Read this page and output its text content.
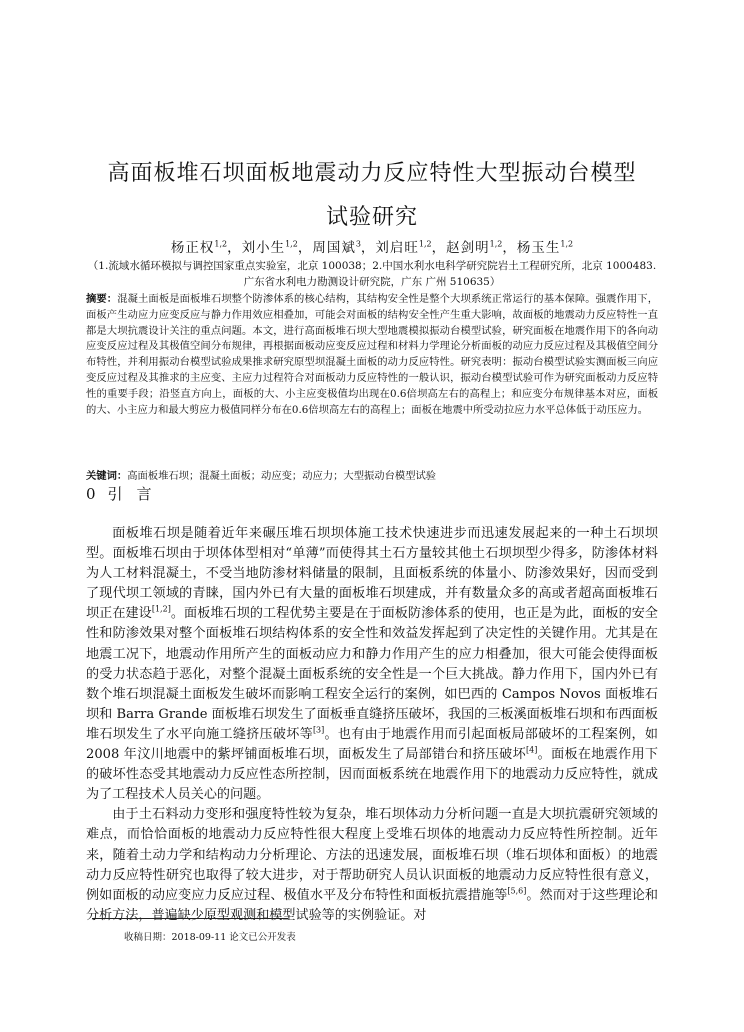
高面板堆石坝面板地震动力反应特性大型振动台模型
试验研究
杨正权$^{1,2}$，刘小生$^{1,2}$，周国斌$^3$，刘启旺$^{1,2}$，赵剑明$^{1,2}$，杨玉生$^{1,2}$
（1.流域水循环模拟与调控国家重点实验室，北京 100038；2.中国水利水电科学研究院岩土工程研究所，北京 1000483. 广东省水利电力勘测设计研究院，广东 广州 510635）
摘要：混凝土面板是面板堆石坝整个防渗体系的核心结构，其结构安全性是整个大坝系统正常运行的基本保障。强震作用下，面板产生动应力应变反应与静力作用效应相叠加，可能会对面板的结构安全性产生重大影响，故面板的地震动力反应特性一直都是大坝抗震设计关注的重点问题。本文，进行高面板堆石坝大型地震模拟振动台模型试验，研究面板在地震作用下的各向动应变反应过程及其极值空间分布规律，再根据面板动应变反应过程和材料力学理论分析面板的动应力反应过程及其极值空间分布特性，并利用振动台模型试验成果推求研究原型坝混凝土面板的动力反应特性。研究表明：振动台模型试验实测面板三向应变反应过程及其推求的主应变、主应力过程符合对面板动力反应特性的一般认识，振动台模型试验可作为研究面板动力反应特性的重要手段；沿竖直方向上，面板的大、小主应变极值均出现在0.6倍坝高左右的高程上；和应变分布规律基本对应，面板的大、小主应力和最大剪应力极值同样分布在0.6倍坝高左右的高程上；面板在地震中所受动拉应力水平总体低于动压应力。
关键词：高面板堆石坝；混凝土面板；动应变；动应力；大型振动台模型试验
0 引言

面板堆石坝是随着近年来碾压堆石坝坝体施工技术快速进步而迅速发展起来的一种土石坝坝型。面板堆石坝由于坝体体型相对“单薄”而使得其土石方量较其他土石坝坝型少得多，防渗体材料为人工材料混凝土，不受当地防渗材料储量的限制，且面板系统的体量小、防渗效果好，因而受到了现代坝工领域的青睐，国内外已有大量的面板堆石坝建成，并有数量众多的高或者超高面板堆石坝正在建设[1,2]。面板堆石坝的工程优势主要是在于面板防渗体系的使用，也正是为此，面板的安全性和防渗效果对整个面板堆石坝结构体系的安全性和效益发挥起到了决定性的关键作用。尤其是在地震工况下，地震动作用所产生的面板动应力和静力作用产生的应力相叠加，很大可能会使得面板的受力状态趋于恶化，对整个混凝土面板系统的安全性是一个巨大挑战。静力作用下，国内外已有数个堆石坝混凝土面板发生破坏而影响工程安全运行的案例，如巴西的 Campos Novos 面板堆石坝和 Barra Grande 面板堆石坝发生了面板垂直缝挤压破坏，我国的三板溪面板堆石坝和布西面板堆石坝发生了水平向施工缝挤压破坏等[3]。也有由于地震作用而引起面板局部破坏的工程案例，如 2008 年汶川地震中的紫坪铺面板堆石坝，面板发生了局部错台和挤压破坏[4]。面板在地震作用下的破坏性态受其地震动力反应性态所控制，因而面板系统在地震作用下的地震动力反应特性，就成为了工程技术人员关心的问题。

由于土石料动力变形和强度特性较为复杂，堆石坝体动力分析问题一直是大坝抗震研究领域的难点，而恰恰面板的地震动力反应特性很大程度上受堆石坝体的地震动力反应特性所控制。近年来，随着土动力学和结构动力分析理论、方法的迅速发展，面板堆石坝（堆石坝体和面板）的地震动力反应特性研究也取得了较大进步，对于帮助研究人员认识面板的地震动力反应特性很有意义，例如面板的动应变应力反应过程、极值水平及分布特性和面板抗震措施等[5,6]。然而对于这些理论和分析方法，普遍缺少原型观测和模型试验等的实例验证。对

收稿日期：2018-09-11 论文已公开发表
